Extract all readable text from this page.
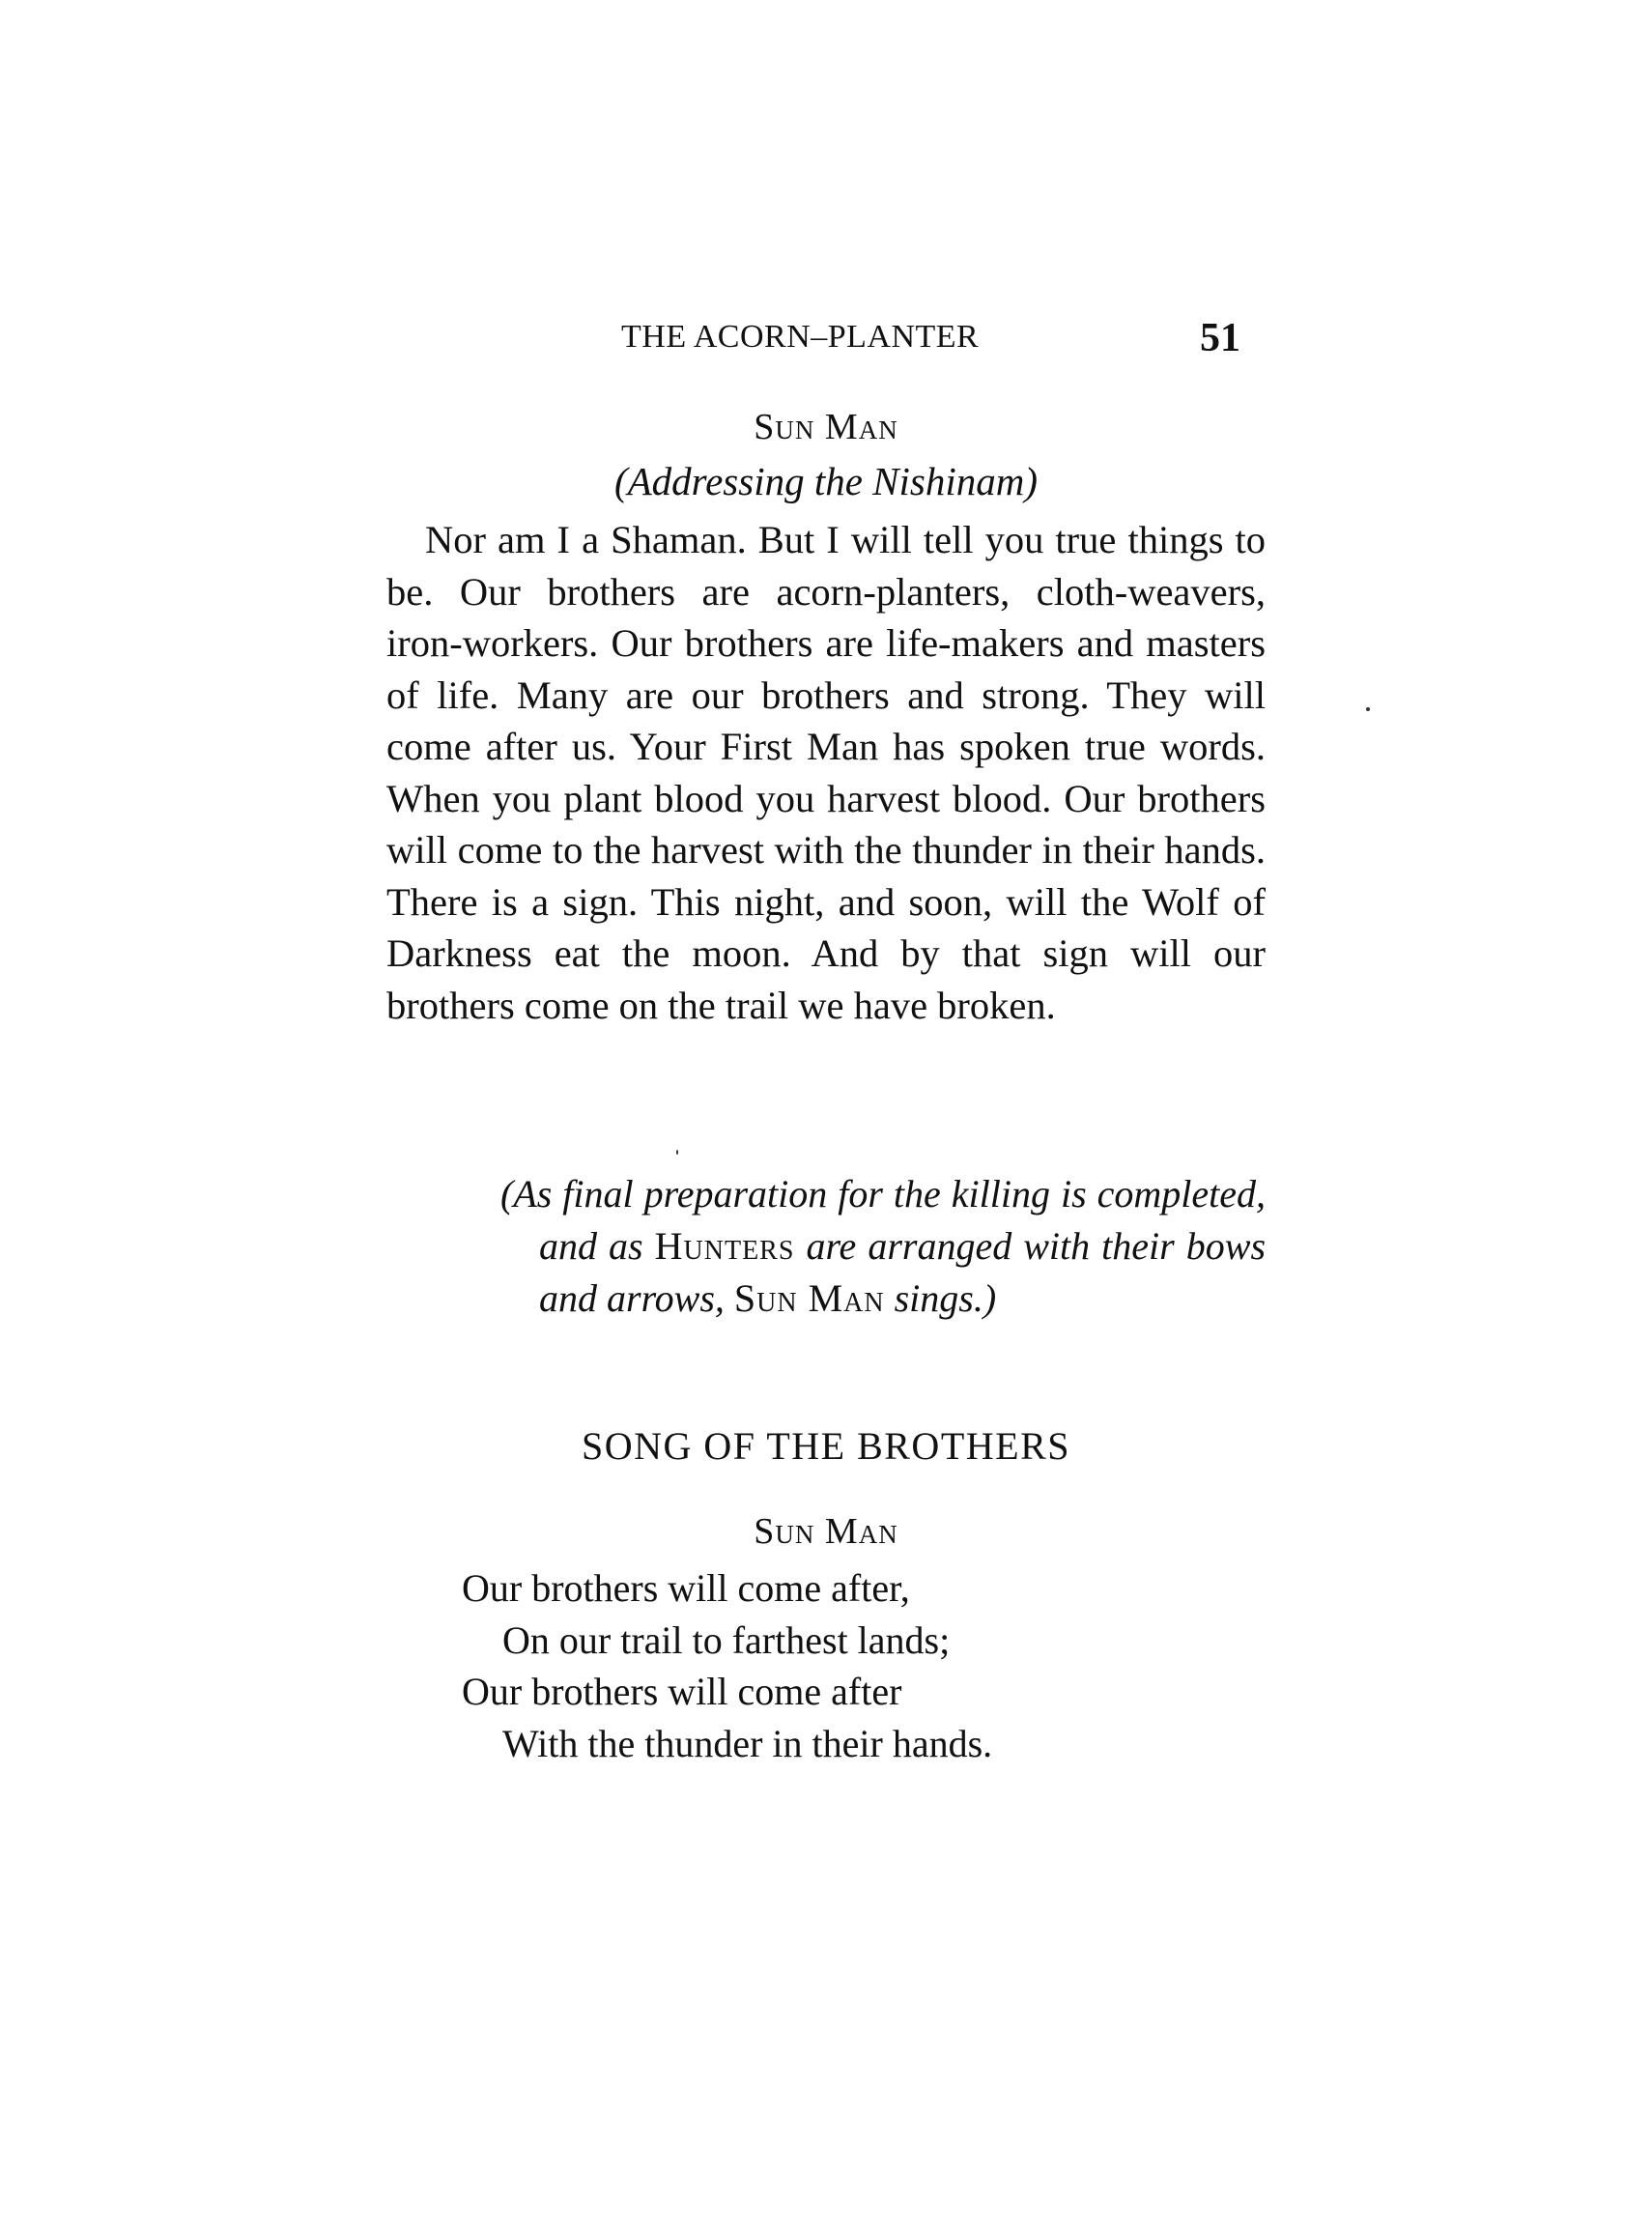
THE ACORN–PLANTER	51
Sun Man
(Addressing the Nishinam)

Nor am I a Shaman. But I will tell you true things to be. Our brothers are acorn-planters, cloth-weavers, iron-workers. Our brothers are life-makers and masters of life. Many are our brothers and strong. They will come after us. Your First Man has spoken true words. When you plant blood you harvest blood. Our brothers will come to the harvest with the thunder in their hands. There is a sign. This night, and soon, will the Wolf of Darkness eat the moon. And by that sign will our brothers come on the trail we have broken.

(As final preparation for the killing is completed, and as Hunters are arranged with their bows and arrows, Sun Man sings.)

SONG OF THE BROTHERS
Sun Man
Our brothers will come after,
On our trail to farthest lands;
Our brothers will come after
With the thunder in their hands.
